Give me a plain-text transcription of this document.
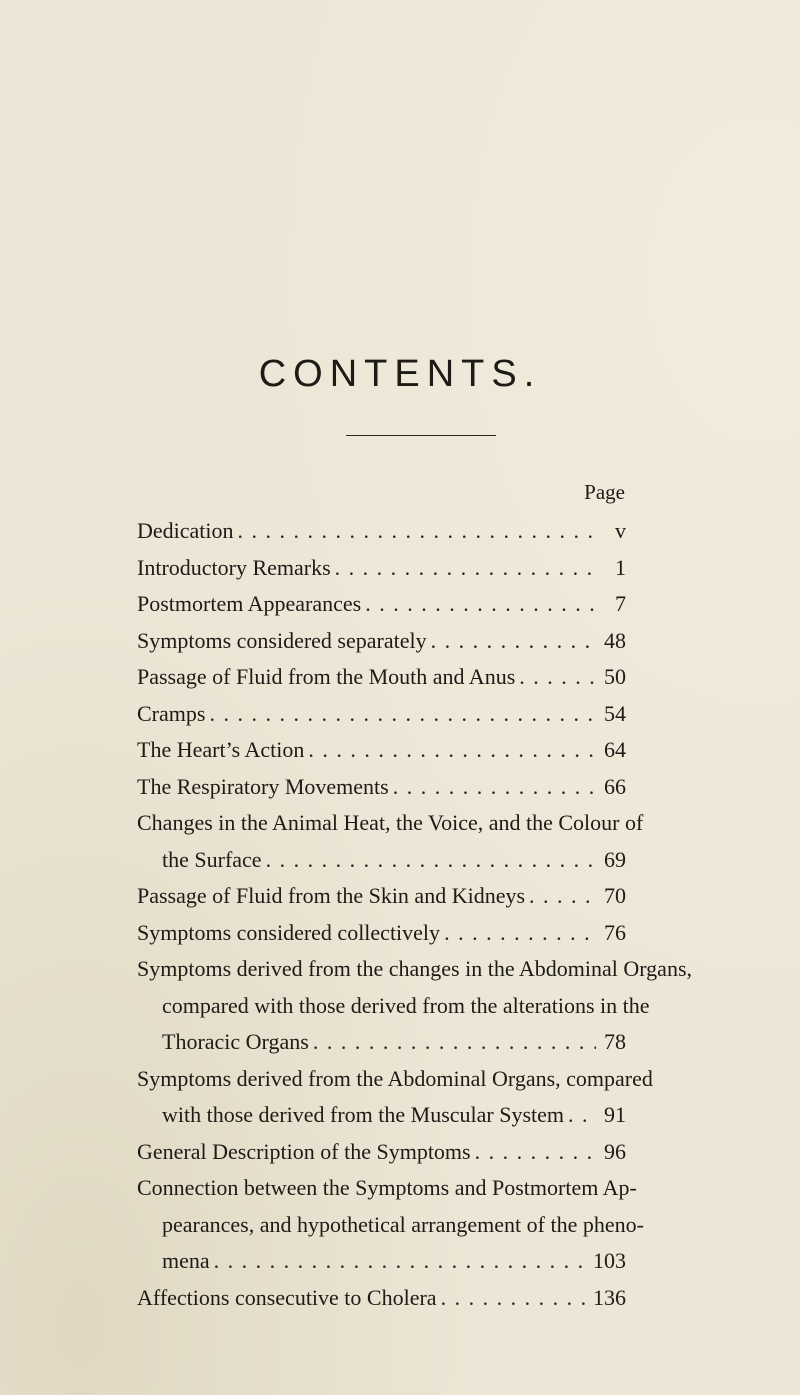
CONTENTS.
Page
Dedication . . .	v
Introductory Remarks . . .	1
Postmortem Appearances . . .	7
Symptoms considered separately . . .	48
Passage of Fluid from the Mouth and Anus . . .	50
Cramps . . .	54
The Heart’s Action . . .	64
The Respiratory Movements . . .	66
Changes in the Animal Heat, the Voice, and the Colour of
the Surface . . .	69
Passage of Fluid from the Skin and Kidneys . . .	70
Symptoms considered collectively . . .	76
Symptoms derived from the changes in the Abdominal Organs,
compared with those derived from the alterations in the
Thoracic Organs . . .	78
Symptoms derived from the Abdominal Organs, compared
with those derived from the Muscular System . . . 91
General Description of the Symptoms . . .	96
Connection between the Symptoms and Postmortem Ap-
pearances, and hypothetical arrangement of the pheno-
mena . . .	103
Affections consecutive to Cholera . . .	136
